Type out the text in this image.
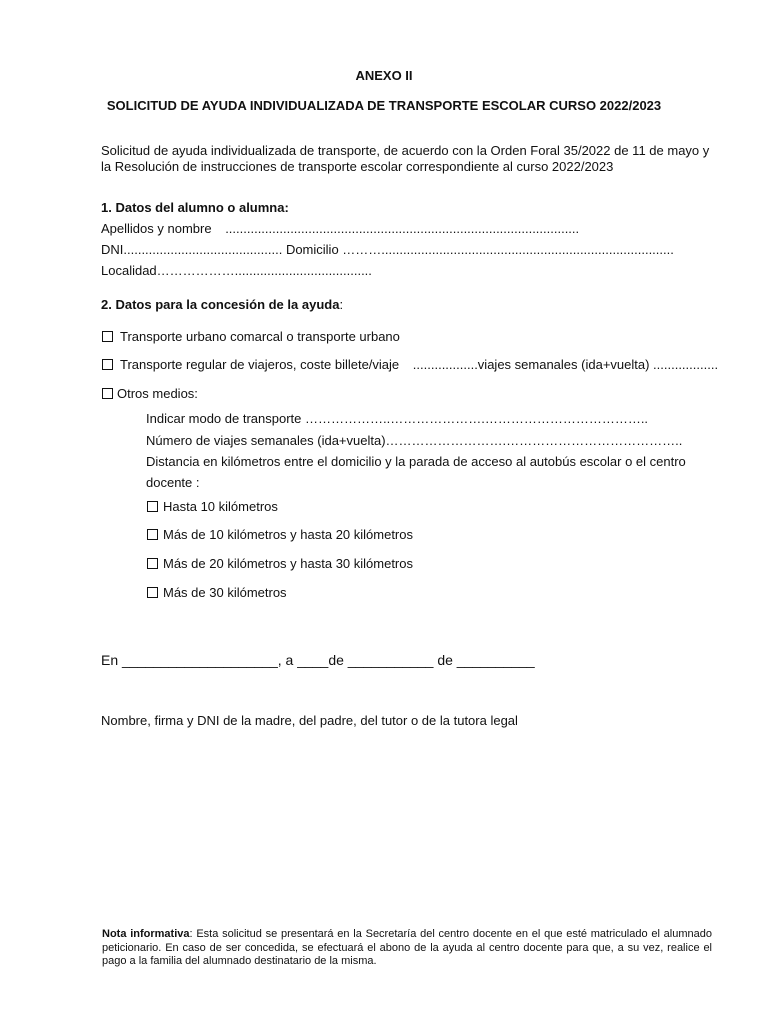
ANEXO II
SOLICITUD DE AYUDA INDIVIDUALIZADA DE TRANSPORTE ESCOLAR CURSO 2022/2023
Solicitud de ayuda individualizada de transporte, de acuerdo con la Orden Foral 35/2022 de 11 de mayo y
la Resolución de instrucciones de transporte escolar correspondiente al curso 2022/2023
1. Datos del alumno o alumna:
Apellidos y nombre ..................................................................................................
DNI............................................ Domicilio ……….................................................................................
Localidad………………......................................
2. Datos para la concesión de la ayuda:
Transporte urbano comarcal o transporte urbano
Transporte regular de viajeros, coste billete/viaje ..................viajes semanales (ida+vuelta) ..................
Otros medios:
Indicar modo de transporte ………………..………………….………………………………..
Número de viajes semanales (ida+vuelta)……………………….…………………………………..
Distancia en kilómetros entre el domicilio y la parada de acceso al autobús escolar o el centro
docente :
Hasta 10 kilómetros
Más de 10 kilómetros y hasta 20 kilómetros
Más de 20 kilómetros y hasta 30 kilómetros
Más de 30 kilómetros
En ____________________, a ____de ___________ de __________
Nombre, firma y DNI de la madre, del padre, del tutor o de la tutora legal
Nota informativa: Esta solicitud se presentará en la Secretaría del centro docente en el que esté matriculado el alumnado peticionario. En caso de ser concedida, se efectuará el abono de la ayuda al centro docente para que, a su vez, realice el pago a la familia del alumnado destinatario de la misma.
